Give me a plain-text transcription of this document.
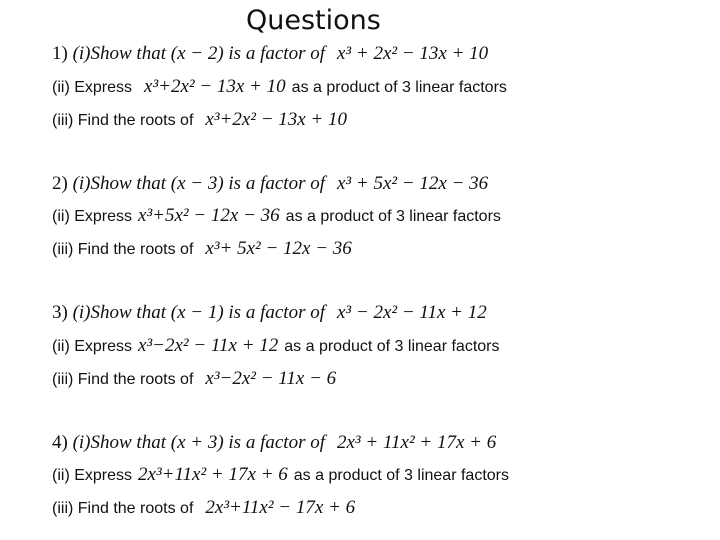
Questions
1) (i)Show that (x − 2) is a factor of x³ + 2x² − 13x + 10
(ii) Express x³+2x² − 13x + 10 as a product of 3 linear factors
(iii) Find the roots of x³+2x² − 13x + 10
2) (i)Show that (x − 3) is a factor of x³ + 5x² − 12x − 36
(ii) Express x³+5x² − 12x − 36 as a product of 3 linear factors
(iii) Find the roots of x³+ 5x² − 12x − 36
3) (i)Show that (x − 1) is a factor of x³ − 2x² − 11x + 12
(ii) Express x³−2x² − 11x + 12 as a product of 3 linear factors
(iii) Find the roots of x³−2x² − 11x − 6
4) (i)Show that (x + 3) is a factor of 2x³ + 11x² + 17x + 6
(ii) Express 2x³+11x² + 17x + 6 as a product of 3 linear factors
(iii) Find the roots of 2x³+11x² − 17x + 6
